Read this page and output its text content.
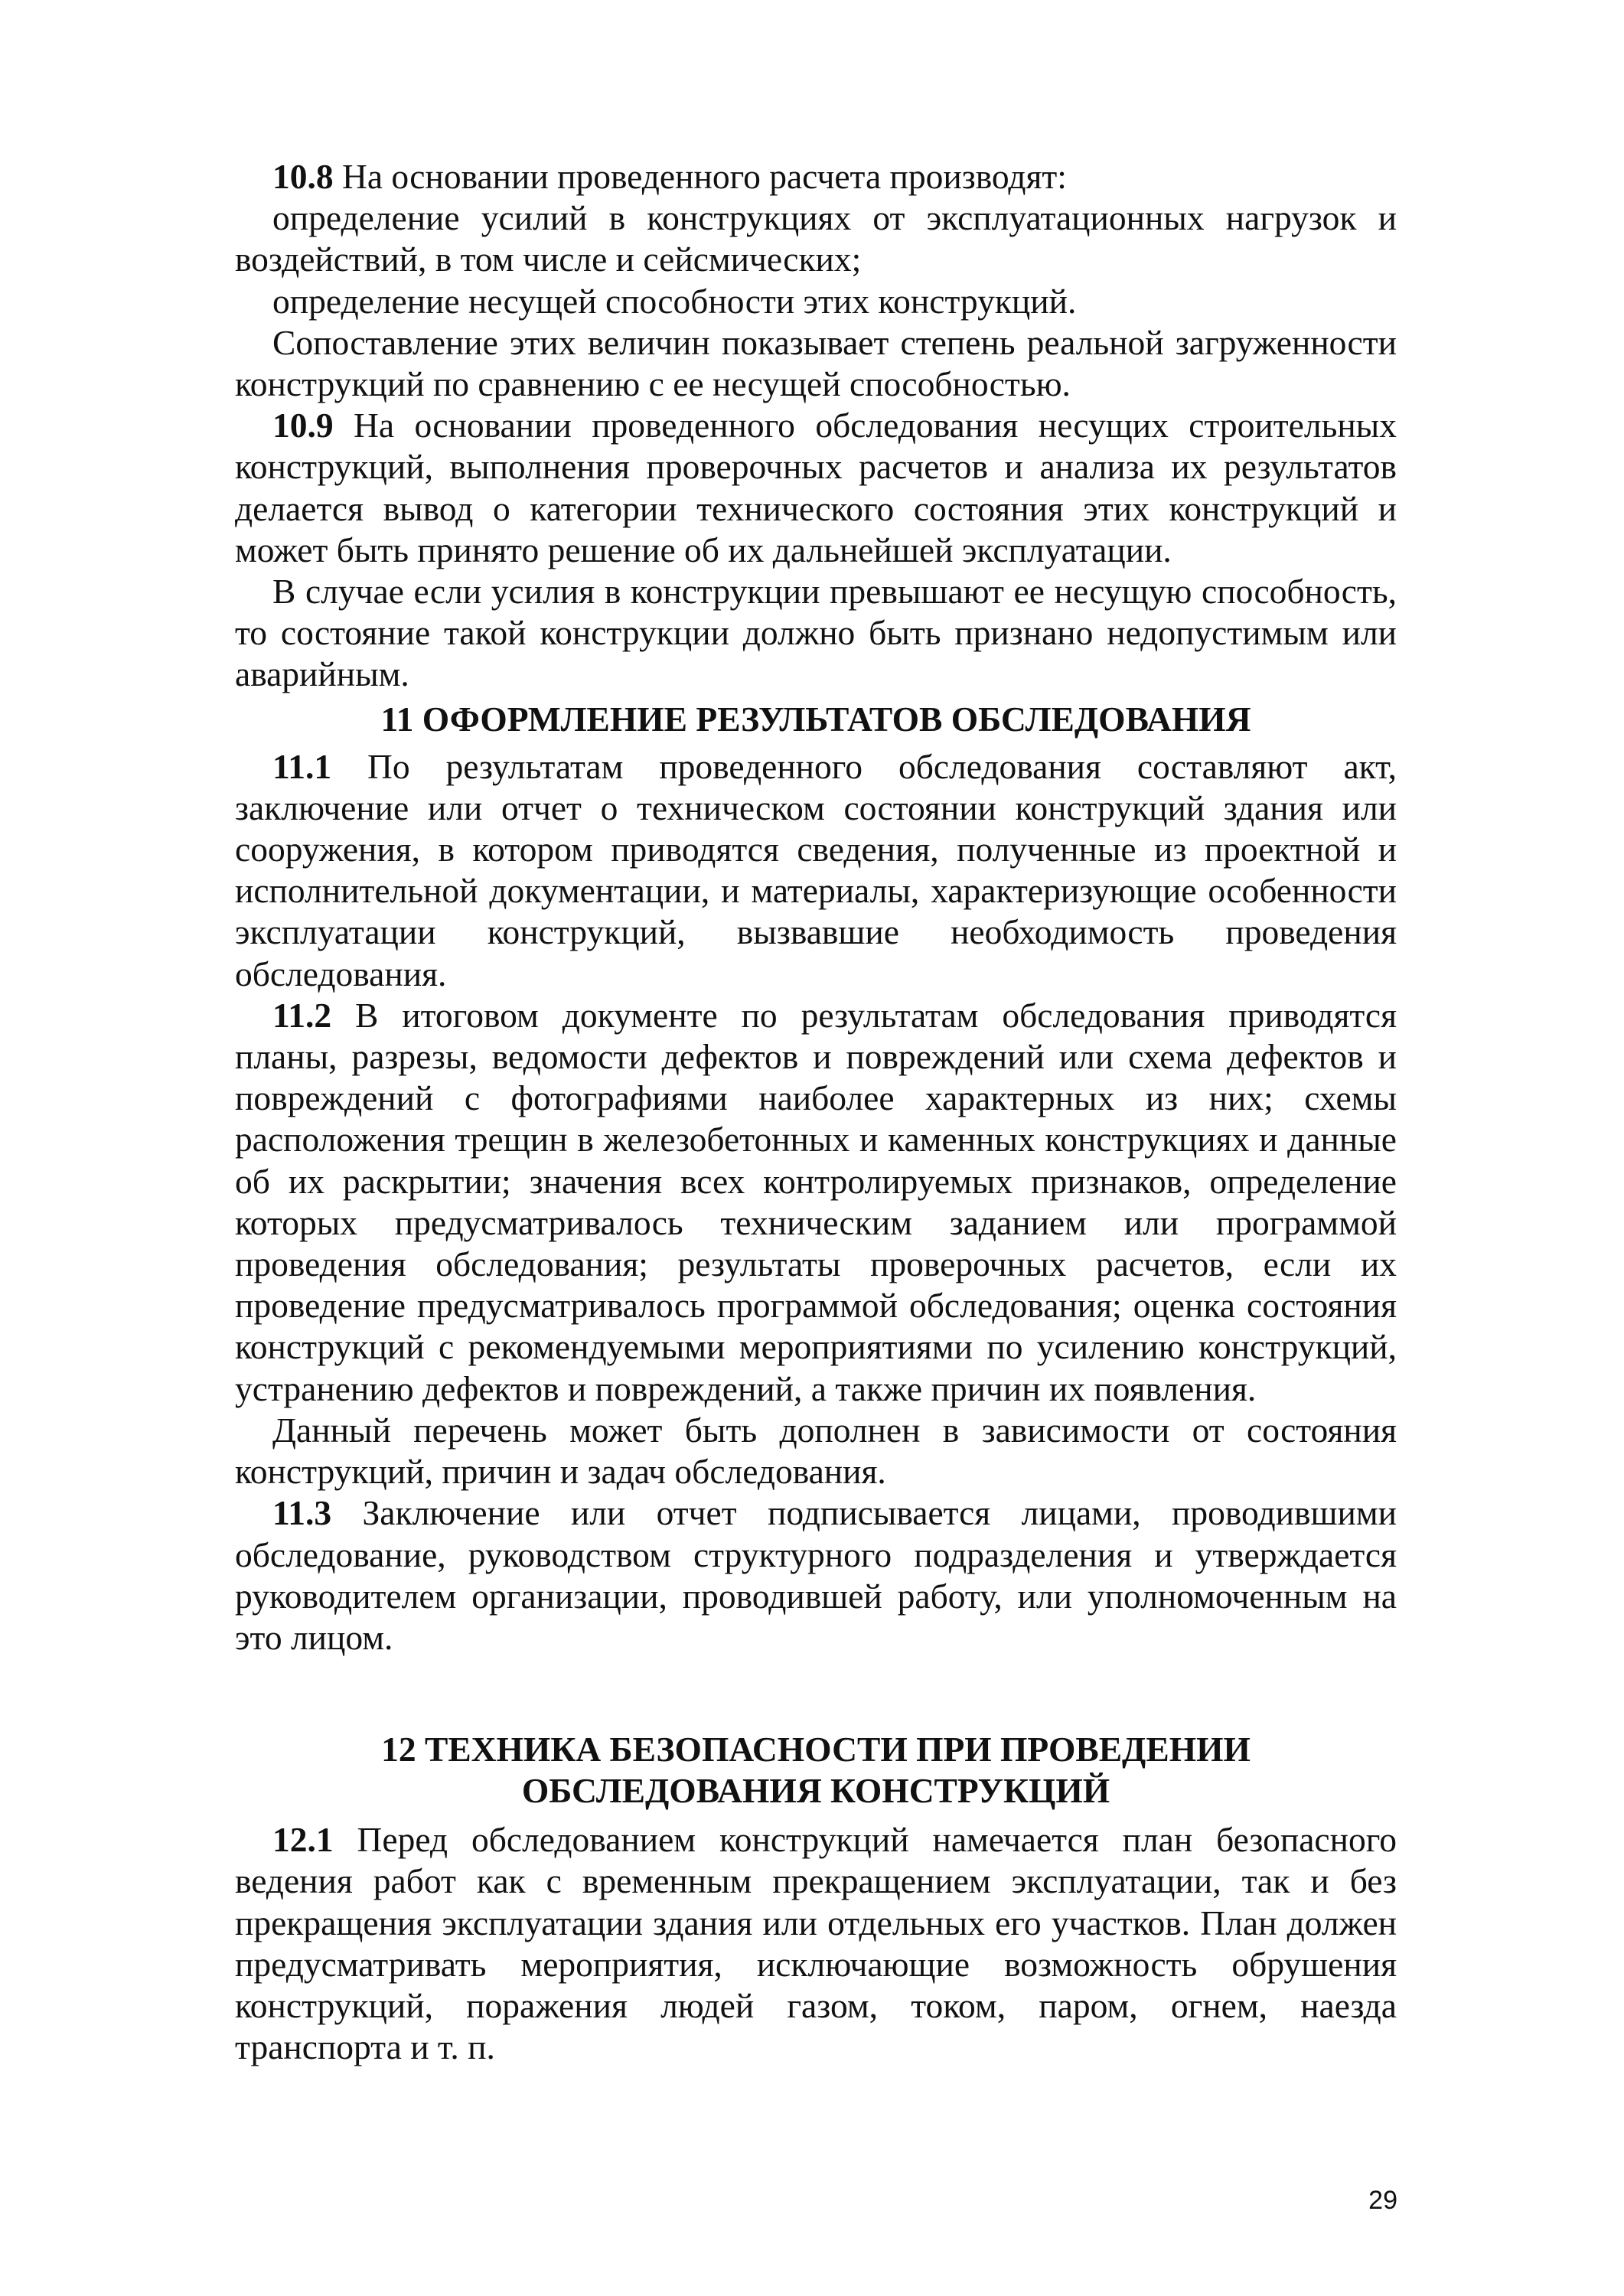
10.8 На основании проведенного расчета производят:

определение усилий в конструкциях от эксплуатационных нагрузок и воздействий, в том числе и сейсмических;

определение несущей способности этих конструкций.

Сопоставление этих величин показывает степень реальной загруженности конструкций по сравнению с ее несущей способностью.

10.9 На основании проведенного обследования несущих строительных конструкций, выполнения проверочных расчетов и анализа их результатов делается вывод о категории технического состояния этих конструкций и может быть принято решение об их дальнейшей эксплуатации.

В случае если усилия в конструкции превышают ее несущую способность, то состояние такой конструкции должно быть признано недопустимым или аварийным.

11 ОФОРМЛЕНИЕ РЕЗУЛЬТАТОВ ОБСЛЕДОВАНИЯ

11.1 По результатам проведенного обследования составляют акт, заключение или отчет о техническом состоянии конструкций здания или сооружения, в котором приводятся сведения, полученные из проектной и исполнительной документации, и материалы, характеризующие особенности эксплуатации конструкций, вызвавшие необходимость проведения обследования.

11.2 В итоговом документе по результатам обследования приводятся планы, разрезы, ведомости дефектов и повреждений или схема дефектов и повреждений с фотографиями наиболее характерных из них; схемы расположения трещин в железобетонных и каменных конструкциях и данные об их раскрытии; значения всех контролируемых признаков, определение которых предусматривалось техническим заданием или программой проведения обследования; результаты проверочных расчетов, если их проведение предусматривалось программой обследования; оценка состояния конструкций с рекомендуемыми мероприятиями по усилению конструкций, устранению дефектов и повреждений, а также причин их появления.

Данный перечень может быть дополнен в зависимости от состояния конструкций, причин и задач обследования.

11.3 Заключение или отчет подписывается лицами, проводившими обследование, руководством структурного подразделения и утверждается руководителем организации, проводившей работу, или уполномоченным на это лицом.

12 ТЕХНИКА БЕЗОПАСНОСТИ ПРИ ПРОВЕДЕНИИ
ОБСЛЕДОВАНИЯ КОНСТРУКЦИЙ

12.1 Перед обследованием конструкций намечается план безопасного ведения работ как с временным прекращением эксплуатации, так и без прекращения эксплуатации здания или отдельных его участков. План должен предусматривать мероприятия, исключающие возможность обрушения конструкций, поражения людей газом, током, паром, огнем, наезда транспорта и т. п.

29
